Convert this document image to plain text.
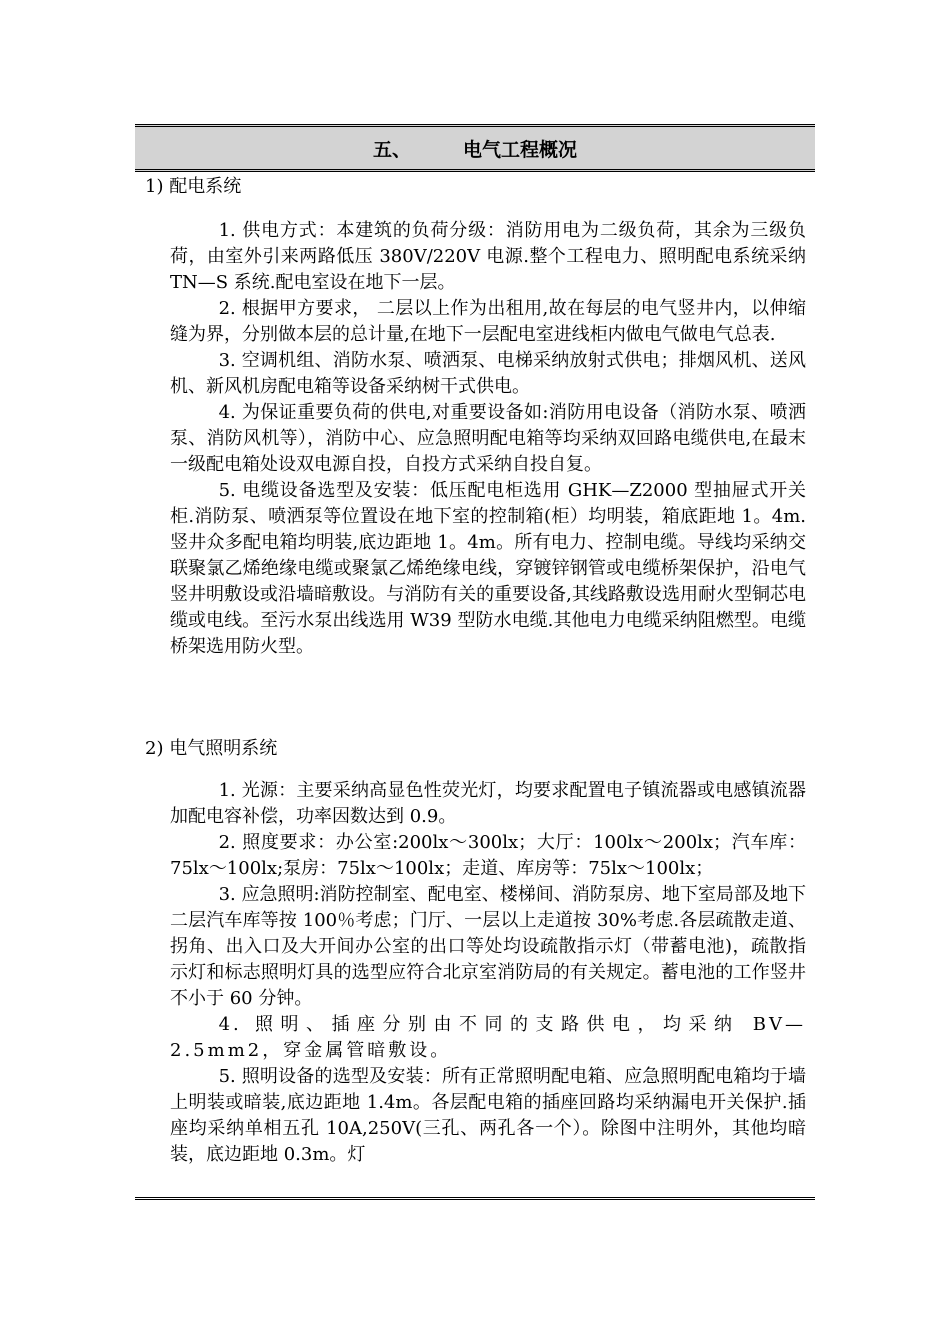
五、	电气工程概况
1) 配电系统

1. 供电方式：本建筑的负荷分级：消防用电为二级负荷，其余为三级负荷，由室外引来两路低压 380V/220V 电源.整个工程电力、照明配电系统采纳 TN—S 系统.配电室设在地下一层。

2. 根据甲方要求， 二层以上作为出租用,故在每层的电气竖井内，以伸缩缝为界，分别做本层的总计量,在地下一层配电室进线柜内做电气做电气总表.

3. 空调机组、消防水泵、喷洒泵、电梯采纳放射式供电；排烟风机、送风机、新风机房配电箱等设备采纳树干式供电。

4. 为保证重要负荷的供电,对重要设备如:消防用电设备（消防水泵、喷洒泵、消防风机等），消防中心、应急照明配电箱等均采纳双回路电缆供电,在最末一级配电箱处设双电源自投，自投方式采纳自投自复。

5. 电缆设备选型及安装：低压配电柜选用 GHK—Z2000 型抽屉式开关柜.消防泵、喷洒泵等位置设在地下室的控制箱(柜）均明装，箱底距地 1。4m.竖井众多配电箱均明装,底边距地 1。4m。所有电力、控制电缆。导线均采纳交联聚氯乙烯绝缘电缆或聚氯乙烯绝缘电线，穿镀锌钢管或电缆桥架保护，沿电气竖井明敷设或沿墙暗敷设。与消防有关的重要设备,其线路敷设选用耐火型铜芯电缆或电线。至污水泵出线选用 W39 型防水电缆.其他电力电缆采纳阻燃型。电缆桥架选用防火型。

2) 电气照明系统

1. 光源：主要采纳高显色性荧光灯，均要求配置电子镇流器或电感镇流器加配电容补偿，功率因数达到 0.9。

2. 照度要求：办公室:200lx～300lx；大厅：100lx～200lx；汽车库：75lx～100lx;泵房：75lx～100lx；走道、库房等：75lx～100lx；

3. 应急照明:消防控制室、配电室、楼梯间、消防泵房、地下室局部及地下二层汽车库等按 100％考虑；门厅、一层以上走道按 30%考虑.各层疏散走道、拐角、出入口及大开间办公室的出口等处均设疏散指示灯（带蓄电池)，疏散指示灯和标志照明灯具的选型应符合北京室消防局的有关规定。蓄电池的工作竖井不小于 60 分钟。

4. 照明、插座分别由不同的支路供电，均采纳 BV—2.5mm2，穿金属管暗敷设。

5. 照明设备的选型及安装：所有正常照明配电箱、应急照明配电箱均于墙上明装或暗装,底边距地 1.4m。各层配电箱的插座回路均采纳漏电开关保护.插座均采纳单相五孔 10A,250V(三孔、两孔各一个）。除图中注明外，其他均暗装，底边距地 0.3m。灯
